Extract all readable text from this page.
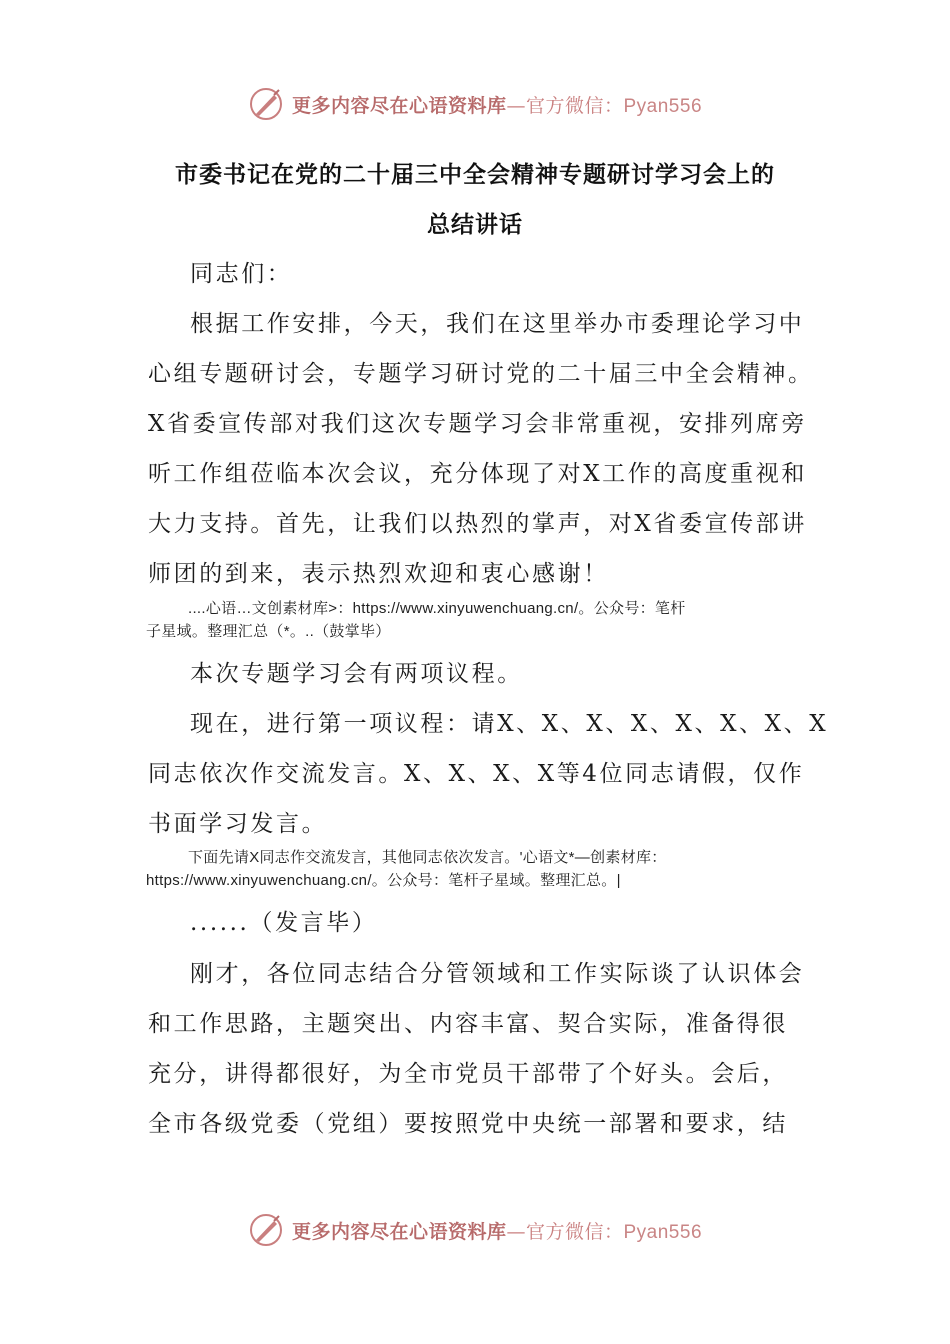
更多内容尽在心语资料库—官方微信：Pyan556
市委书记在党的二十届三中全会精神专题研讨学习会上的
总结讲话
同志们：
根据工作安排，今天，我们在这里举办市委理论学习中
心组专题研讨会，专题学习研讨党的二十届三中全会精神。
X省委宣传部对我们这次专题学习会非常重视，安排列席旁
听工作组莅临本次会议，充分体现了对X工作的高度重视和
大力支持。首先，让我们以热烈的掌声，对X省委宣传部讲
师团的到来，表示热烈欢迎和衷心感谢！
....心语…文创素材库>：https://www.xinyuwenchuang.cn/。公众号：笔杆
子星域。整理汇总（*。..（鼓掌毕）
本次专题学习会有两项议程。
现在，进行第一项议程：请X、X、X、X、X、X、X、X
同志依次作交流发言。X、X、X、X等4位同志请假，仅作
书面学习发言。
下面先请X同志作交流发言，其他同志依次发言。'心语文*—创素材库：
https://www.xinyuwenchuang.cn/。公众号：笔杆子星域。整理汇总。|
......（发言毕）
刚才，各位同志结合分管领域和工作实际谈了认识体会
和工作思路，主题突出、内容丰富、契合实际，准备得很
充分，讲得都很好，为全市党员干部带了个好头。会后，
全市各级党委（党组）要按照党中央统一部署和要求，结
更多内容尽在心语资料库—官方微信：Pyan556
